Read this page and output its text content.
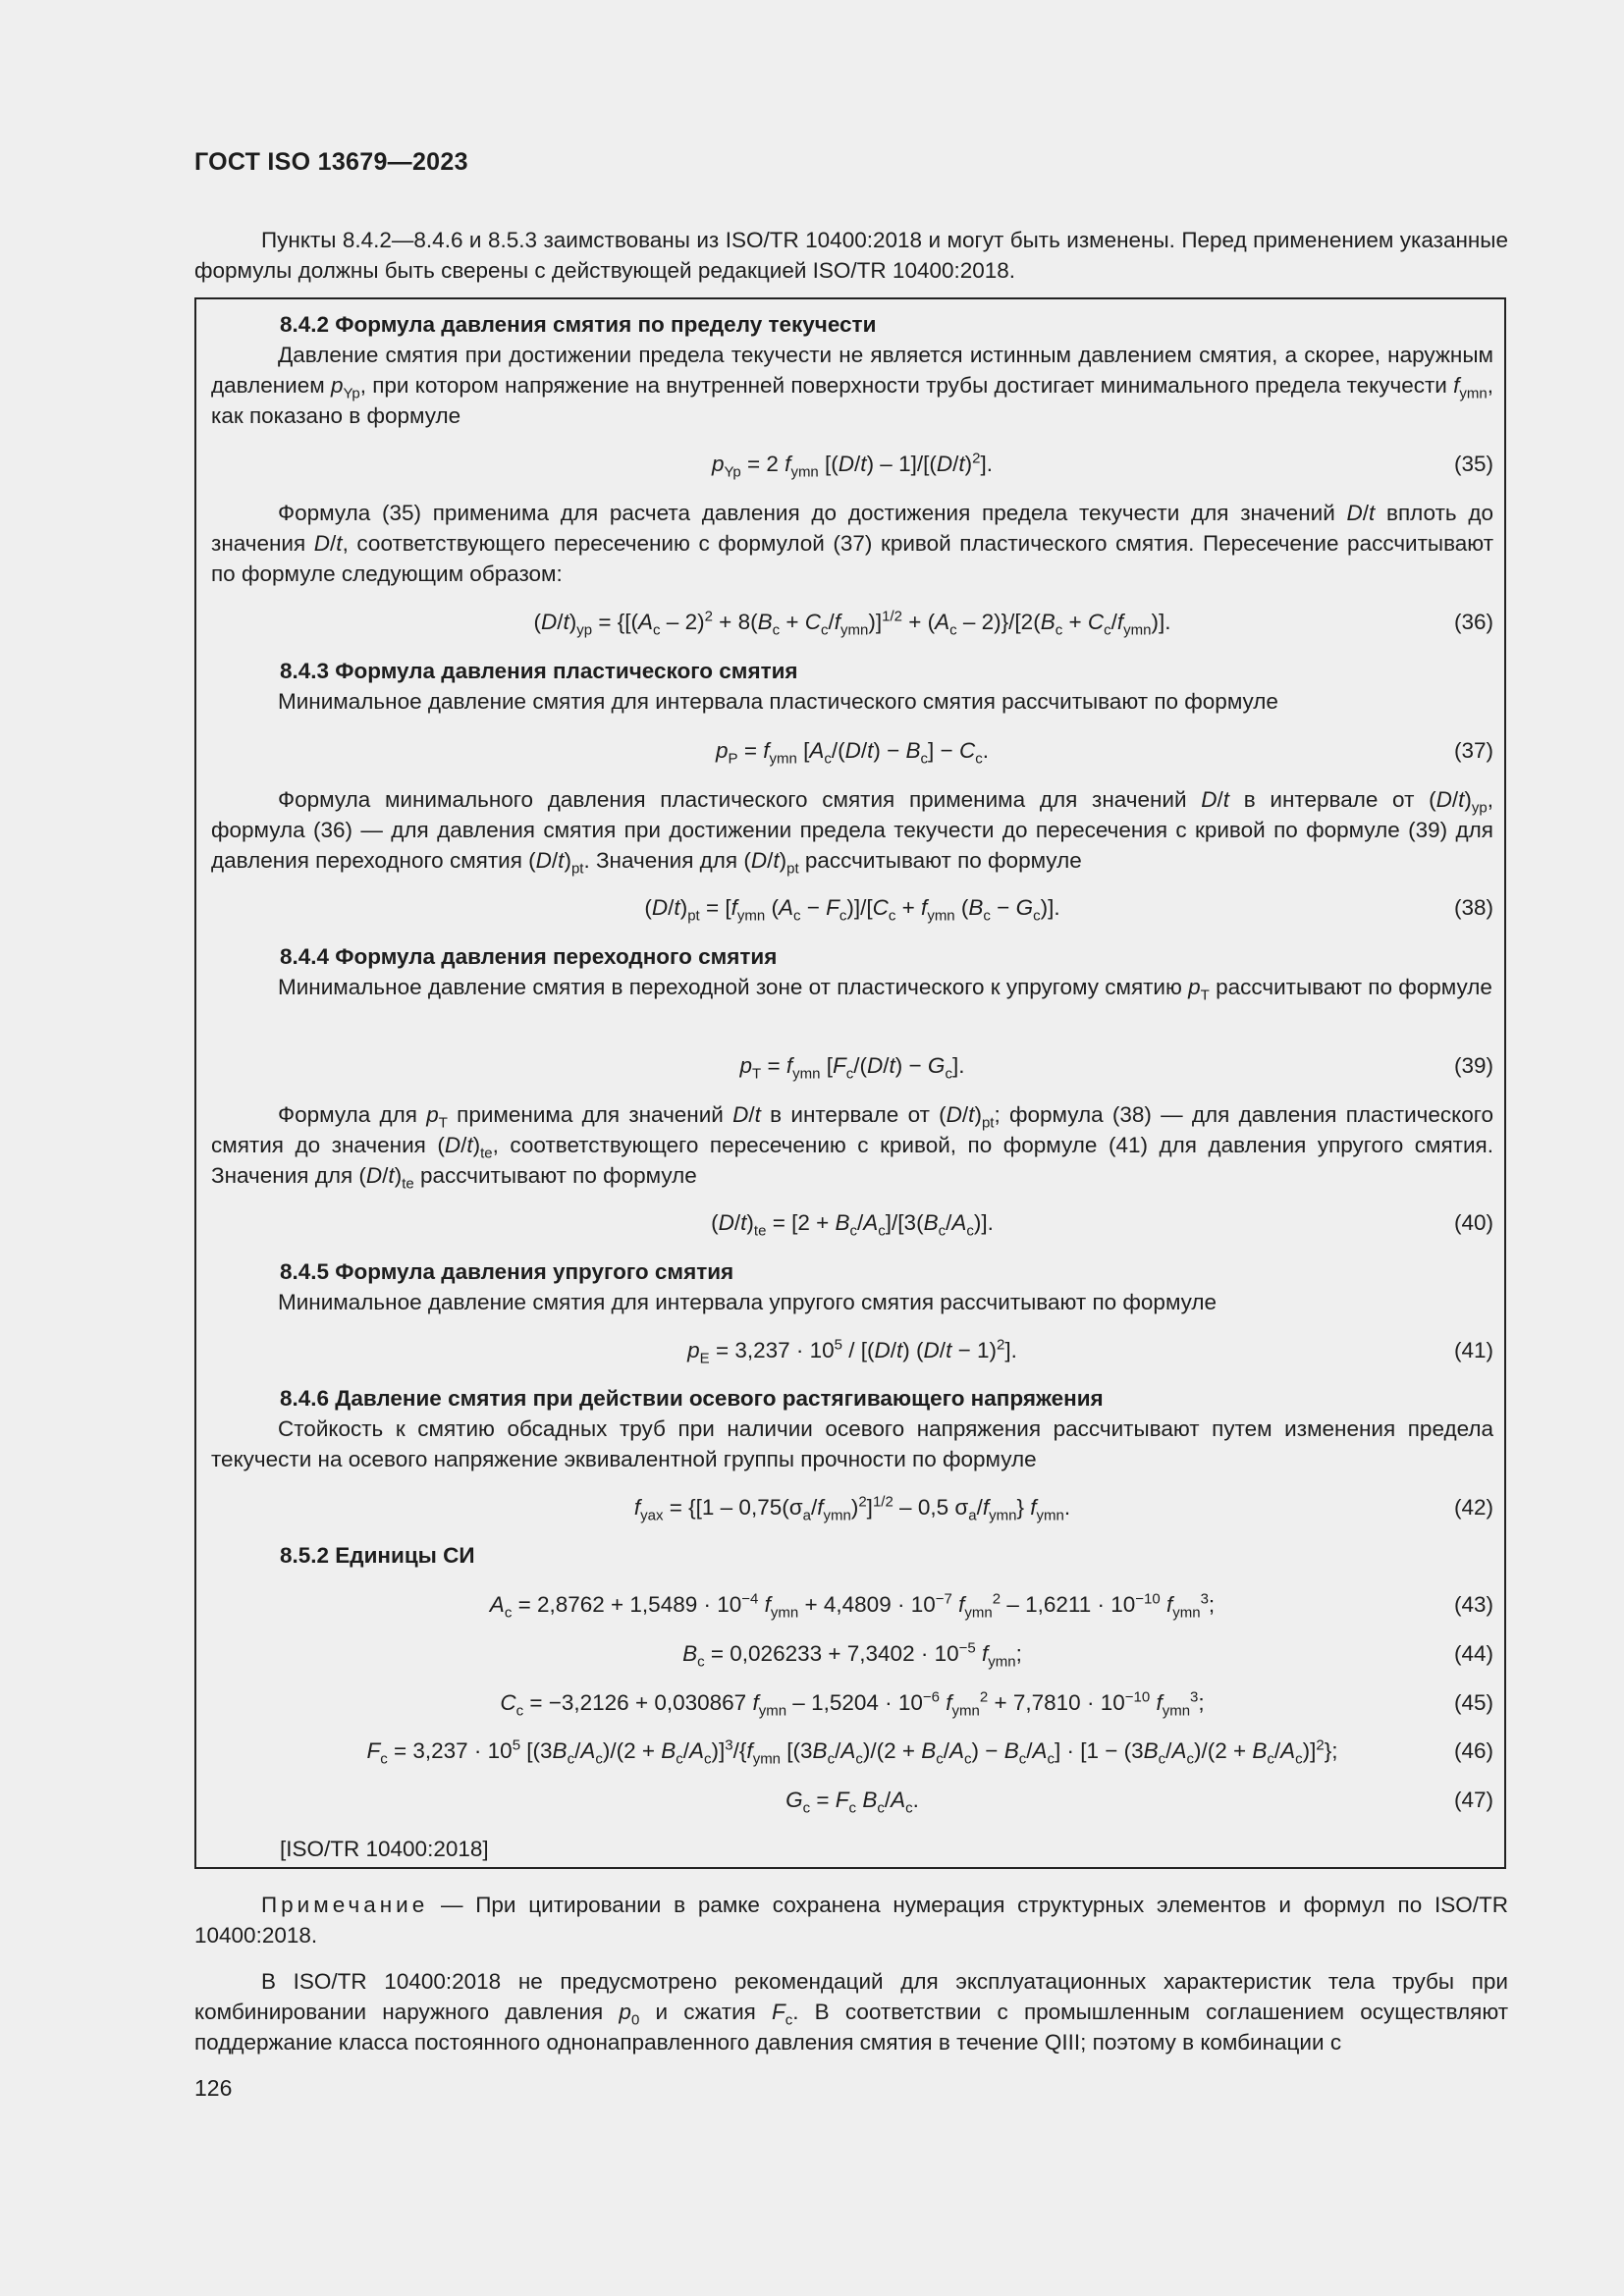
ГОСТ ISO 13679—2023
Пункты 8.4.2—8.4.6 и 8.5.3 заимствованы из ISO/TR 10400:2018 и могут быть изменены. Перед применением указанные формулы должны быть сверены с действующей редакцией ISO/TR 10400:2018.
8.4.2 Формула давления смятия по пределу текучести
Давление смятия при достижении предела текучести не является истинным давлением смятия, а скорее, наружным давлением $p_{Yp}$, при котором напряжение на внутренней поверхности трубы достигает минимального предела текучести $f_{ymn}$, как показано в формуле
$p_{Yp} = 2$ $f_{ymn}$ $[(D/t) - 1]/[(D/t)^2]$.	(35)
Формула (35) применима для расчета давления до достижения предела текучести для значений D/t вплоть до значения D/t, соответствующего пересечению с формулой (37) кривой пластического смятия. Пересечение рассчитывают по формуле следующим образом:
$(D/t)_{yp} = \{[(A_c - 2)^2 + 8(B_c + C_c/f_{ymn})]^{1/2} + (A_c - 2)\}/[2(B_c + C_c/f_{ymn})]$.	(36)
8.4.3 Формула давления пластического смятия
Минимальное давление смятия для интервала пластического смятия рассчитывают по формуле
$p_P = f_{ymn}$ $[A_c/(D/t) - B_c] - C_c$.	(37)
Формула минимального давления пластического смятия применима для значений D/t в интервале от $(D/t)_{yp}$, формула (36) — для давления смятия при достижении предела текучести до пересечения с кривой по формуле (39) для давления переходного смятия $(D/t)_{pt}$. Значения для $(D/t)_{pt}$ рассчитывают по формуле
$(D/t)_{pt} = [f_{ymn}$ $(A_c - F_c)]/[C_c + f_{ymn}$ $(B_c - G_c)$].	(38)
8.4.4 Формула давления переходного смятия
Минимальное давление смятия в переходной зоне от пластического к упругому смятию $p_T$ рассчитывают по формуле
$p_T = f_{ymn}$ $[F_c/(D/t) - G_c]$.	(39)
Формула для $p_T$ применима для значений D/t в интервале от $(D/t)_{pt}$; формула (38) — для давления пластического смятия до значения $(D/t)_{te}$, соответствующего пересечению с кривой, по формуле (41) для давления упругого смятия. Значения для $(D/t)_{te}$ рассчитывают по формуле
$(D/t)_{te} = [2 + B_c/A_c]/[3(B_c/A_c)]$.	(40)
8.4.5 Формула давления упругого смятия
Минимальное давление смятия для интервала упругого смятия рассчитывают по формуле
$p_E = 3,237 \cdot 10^5 / [(D/t) (D/t - 1)^2]$.	(41)
8.4.6 Давление смятия при действии осевого растягивающего напряжения
Стойкость к смятию обсадных труб при наличии осевого напряжения рассчитывают путем изменения предела текучести на осевого напряжение эквивалентной группы прочности по формуле
$f_{yax} = \{[1 - 0,75(\sigma_a/f_{ymn})^2]^{1/2} - 0,5$ $\sigma_a/f_{ymn}$} $f_{ymn}$.	(42)
8.5.2 Единицы СИ
$A_c = 2,8762 + 1,5489 \cdot 10^{-4}$ $f_{ymn} + 4,4809 \cdot 10^{-7}$ $f_{ymn}^2 - 1,6211 \cdot 10^{-10}$ $f_{ymn}^3$;	(43)
$B_c = 0,026233 + 7,3402 \cdot 10^{-5}$ $f_{ymn}$;	(44)
$C_c = -3,2126 + 0,030867$ $f_{ymn} - 1,5204 \cdot 10^{-6}$ $f_{ymn}^2 + 7,7810 \cdot 10^{-10}$ $f_{ymn}^3$;	(45)
$F_c = 3,237 \cdot 10^5$ $[(3B_c/A_c)/(2 + B_c/A_c)]^3/\{f_{ymn}$ $[(3B_c/A_c)/(2 + B_c/A_c) - B_c/A_c] \cdot [1 - (3B_c/A_c)/(2 + B_c/A_c)]^2$};	(46)
$G_c = F_c$ $B_c/A_c$.	(47)
[ISO/TR 10400:2018]
Примечание — При цитировании в рамке сохранена нумерация структурных элементов и формул по ISO/TR 10400:2018.
В ISO/TR 10400:2018 не предусмотрено рекомендаций для эксплуатационных характеристик тела трубы при комбинировании наружного давления $p_0$ и сжатия $F_c$. В соответствии с промышленным соглашением осуществляют поддержание класса постоянного однонаправленного давления смятия в течение QIII; поэтому в комбинации с
126
